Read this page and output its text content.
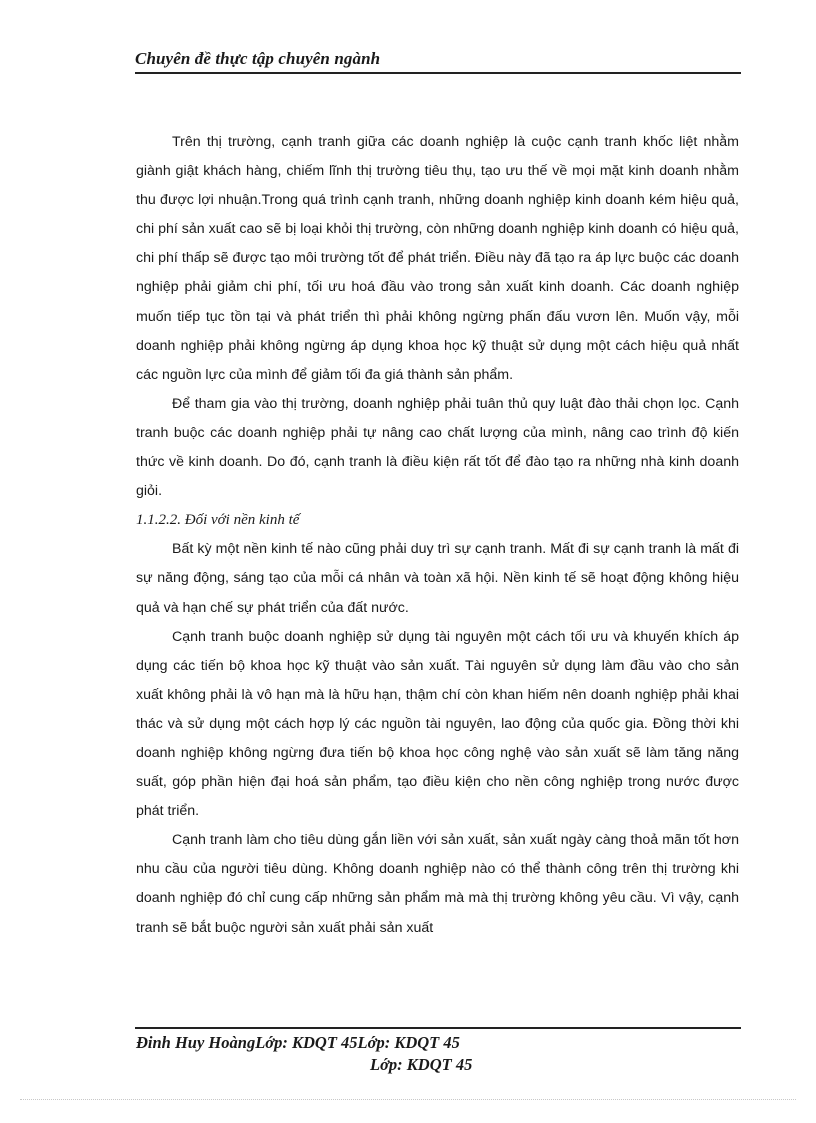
Chuyên đề thực tập chuyên ngành

Trên thị trường, cạnh tranh giữa các doanh nghiệp là cuộc cạnh tranh khốc liệt nhằm giành giật khách hàng, chiếm lĩnh thị trường tiêu thụ, tạo ưu thế về mọi mặt kinh doanh nhằm thu được lợi nhuận.Trong quá trình cạnh tranh, những doanh nghiệp kinh doanh kém hiệu quả, chi phí sản xuất cao sẽ bị loại khỏi thị trường, còn những doanh nghiệp kinh doanh có hiệu quả, chi phí thấp sẽ được tạo môi trường tốt để phát triển. Điều này đã tạo ra áp lực buộc các doanh nghiệp phải giảm chi phí, tối ưu hoá đầu vào trong sản xuất kinh doanh. Các doanh nghiệp muốn tiếp tục tồn tại và phát triển thì phải không ngừng phấn đấu vươn lên. Muốn vậy, mỗi doanh nghiệp phải không ngừng áp dụng khoa học kỹ thuật sử dụng một cách hiệu quả nhất các nguồn lực của mình để giảm tối đa giá thành sản phẩm.

Để tham gia vào thị trường, doanh nghiệp phải tuân thủ quy luật đào thải chọn lọc. Cạnh tranh buộc các doanh nghiệp phải tự nâng cao chất lượng của mình, nâng cao trình độ kiến thức về kinh doanh. Do đó, cạnh tranh là điều kiện rất tốt để đào tạo ra những nhà kinh doanh giỏi.

1.1.2.2. Đối với nền kinh tế

Bất kỳ một nền kinh tế nào cũng phải duy trì sự cạnh tranh. Mất đi sự cạnh tranh là mất đi sự năng động, sáng tạo của mỗi cá nhân và toàn xã hội. Nền kinh tế sẽ hoạt động không hiệu quả và hạn chế sự phát triển của đất nước.

Cạnh tranh buộc doanh nghiệp sử dụng tài nguyên một cách tối ưu và khuyến khích áp dụng các tiến bộ khoa học kỹ thuật vào sản xuất. Tài nguyên sử dụng làm đầu vào cho sản xuất không phải là vô hạn mà là hữu hạn, thậm chí còn khan hiếm nên doanh nghiệp phải khai thác và sử dụng một cách hợp lý các nguồn tài nguyên, lao động của quốc gia. Đồng thời khi doanh nghiệp không ngừng đưa tiến bộ khoa học công nghệ vào sản xuất sẽ làm tăng năng suất, góp phần hiện đại hoá sản phẩm, tạo điều kiện cho nền công nghiệp trong nước được phát triển.

Cạnh tranh làm cho tiêu dùng gắn liền với sản xuất, sản xuất ngày càng thoả mãn tốt hơn nhu cầu của người tiêu dùng. Không doanh nghiệp nào có thể thành công trên thị trường khi doanh nghiệp đó chỉ cung cấp những sản phẩm mà mà thị trường không yêu cầu. Vì vậy, cạnh tranh sẽ bắt buộc người sản xuất phải sản xuất

Đinh Huy HoàngLớp: KDQT 45Lớp: KDQT 45
Lớp: KDQT 45
